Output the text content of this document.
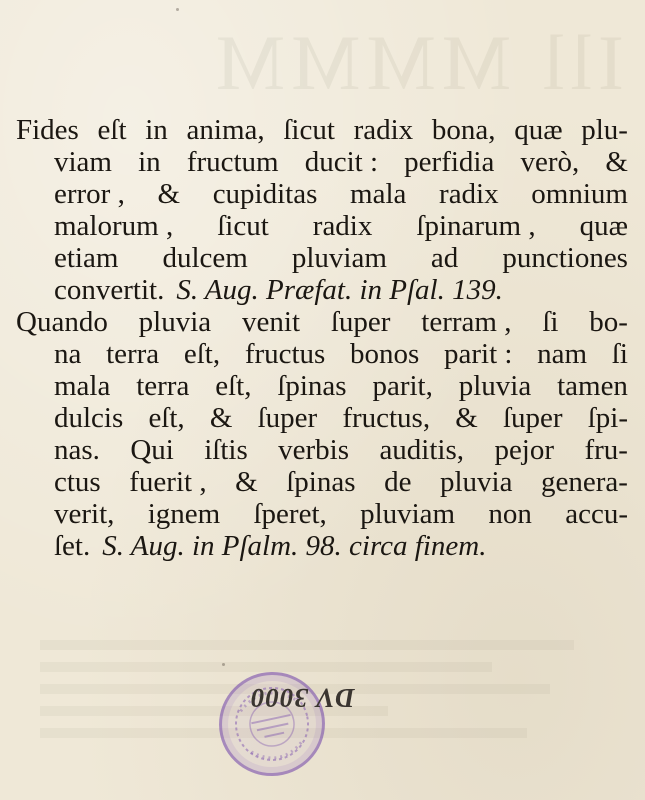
Ill MMMM
Fides eſt in anima, ſicut radix bona, quæ plu-
viam in fructum ducit : perfidia verò, &
error , & cupiditas mala radix omnium
malorum , ſicut radix ſpinarum , quæ
etiam dulcem pluviam ad punctiones
convertit. S. Aug. Præfat. in Pſal. 139.
Quando pluvia venit ſuper terram , ſi bo-
na terra eſt, fructus bonos parit : nam ſi
mala terra eſt, ſpinas parit, pluvia tamen
dulcis eſt, & ſuper fructus, & ſuper ſpi-
nas. Qui iſtis verbis auditis, pejor fru-
ctus fuerit , & ſpinas de pluvia genera-
verit, ignem ſperet, pluviam non accu-
ſet. S. Aug. in Pſalm. 98. circa finem.
DV 3000
